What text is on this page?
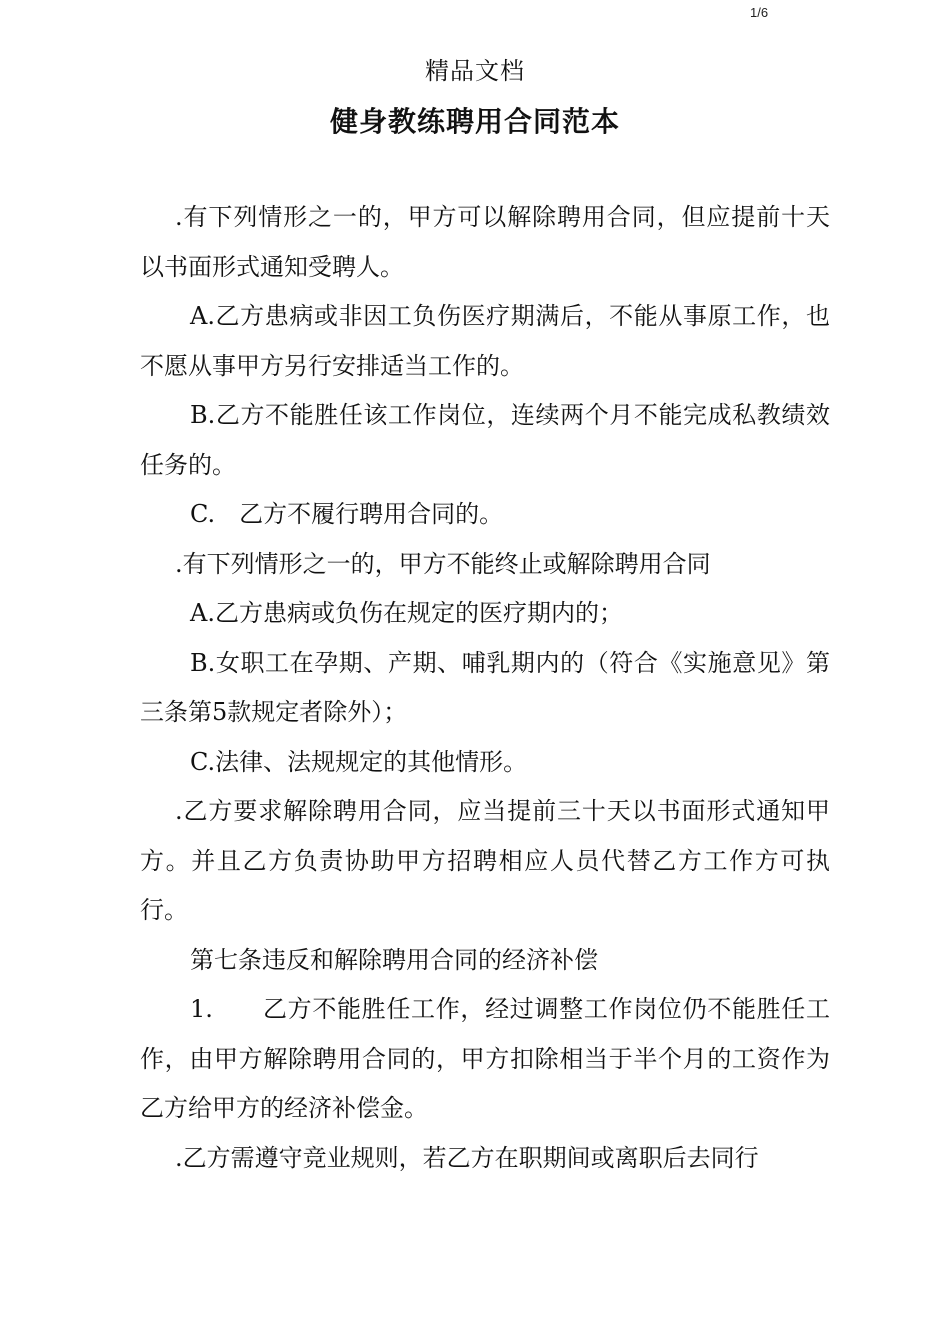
1/6
精品文档
健身教练聘用合同范本

.有下列情形之一的，甲方可以解除聘用合同，但应提前十天以书面形式通知受聘人。

A.乙方患病或非因工负伤医疗期满后，不能从事原工作，也不愿从事甲方另行安排适当工作的。

B.乙方不能胜任该工作岗位，连续两个月不能完成私教绩效任务的。

C.　乙方不履行聘用合同的。

.有下列情形之一的，甲方不能终止或解除聘用合同

A.乙方患病或负伤在规定的医疗期内的；

B.女职工在孕期、产期、哺乳期内的（符合《实施意见》第三条第5款规定者除外）；

C.法律、法规规定的其他情形。

.乙方要求解除聘用合同，应当提前三十天以书面形式通知甲方。并且乙方负责协助甲方招聘相应人员代替乙方工作方可执行。

第七条违反和解除聘用合同的经济补偿

1.　　乙方不能胜任工作，经过调整工作岗位仍不能胜任工作，由甲方解除聘用合同的，甲方扣除相当于半个月的工资作为乙方给甲方的经济补偿金。

.乙方需遵守竞业规则，若乙方在职期间或离职后去同行
